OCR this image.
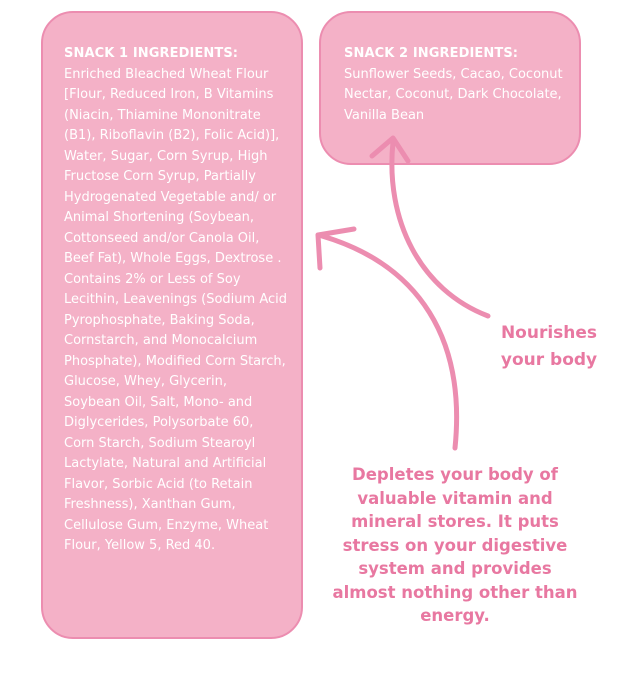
SNACK 1 INGREDIENTS:
Enriched Bleached Wheat Flour [Flour, Reduced Iron, B Vitamins (Niacin, Thiamine Mononitrate (B1), Riboflavin (B2), Folic Acid)], Water, Sugar, Corn Syrup, High Fructose Corn Syrup, Partially Hydrogenated Vegetable and/ or Animal Shortening (Soybean, Cottonseed and/or Canola Oil, Beef Fat), Whole Eggs, Dextrose . Contains 2% or Less of Soy Lecithin, Leavenings (Sodium Acid Pyrophosphate, Baking Soda, Cornstarch, and Monocalcium Phosphate), Modified Corn Starch, Glucose, Whey, Glycerin, Soybean Oil, Salt, Mono- and Diglycerides, Polysorbate 60, Corn Starch, Sodium Stearoyl Lactylate, Natural and Artificial Flavor, Sorbic Acid (to Retain Freshness), Xanthan Gum, Cellulose Gum, Enzyme, Wheat Flour, Yellow 5, Red 40.
SNACK 2 INGREDIENTS:
Sunflower Seeds, Cacao, Coconut Nectar, Coconut, Dark Chocolate, Vanilla Bean
Nourishes your body
Depletes your body of valuable vitamin and mineral stores. It puts stress on your digestive system and provides almost nothing other than energy.
